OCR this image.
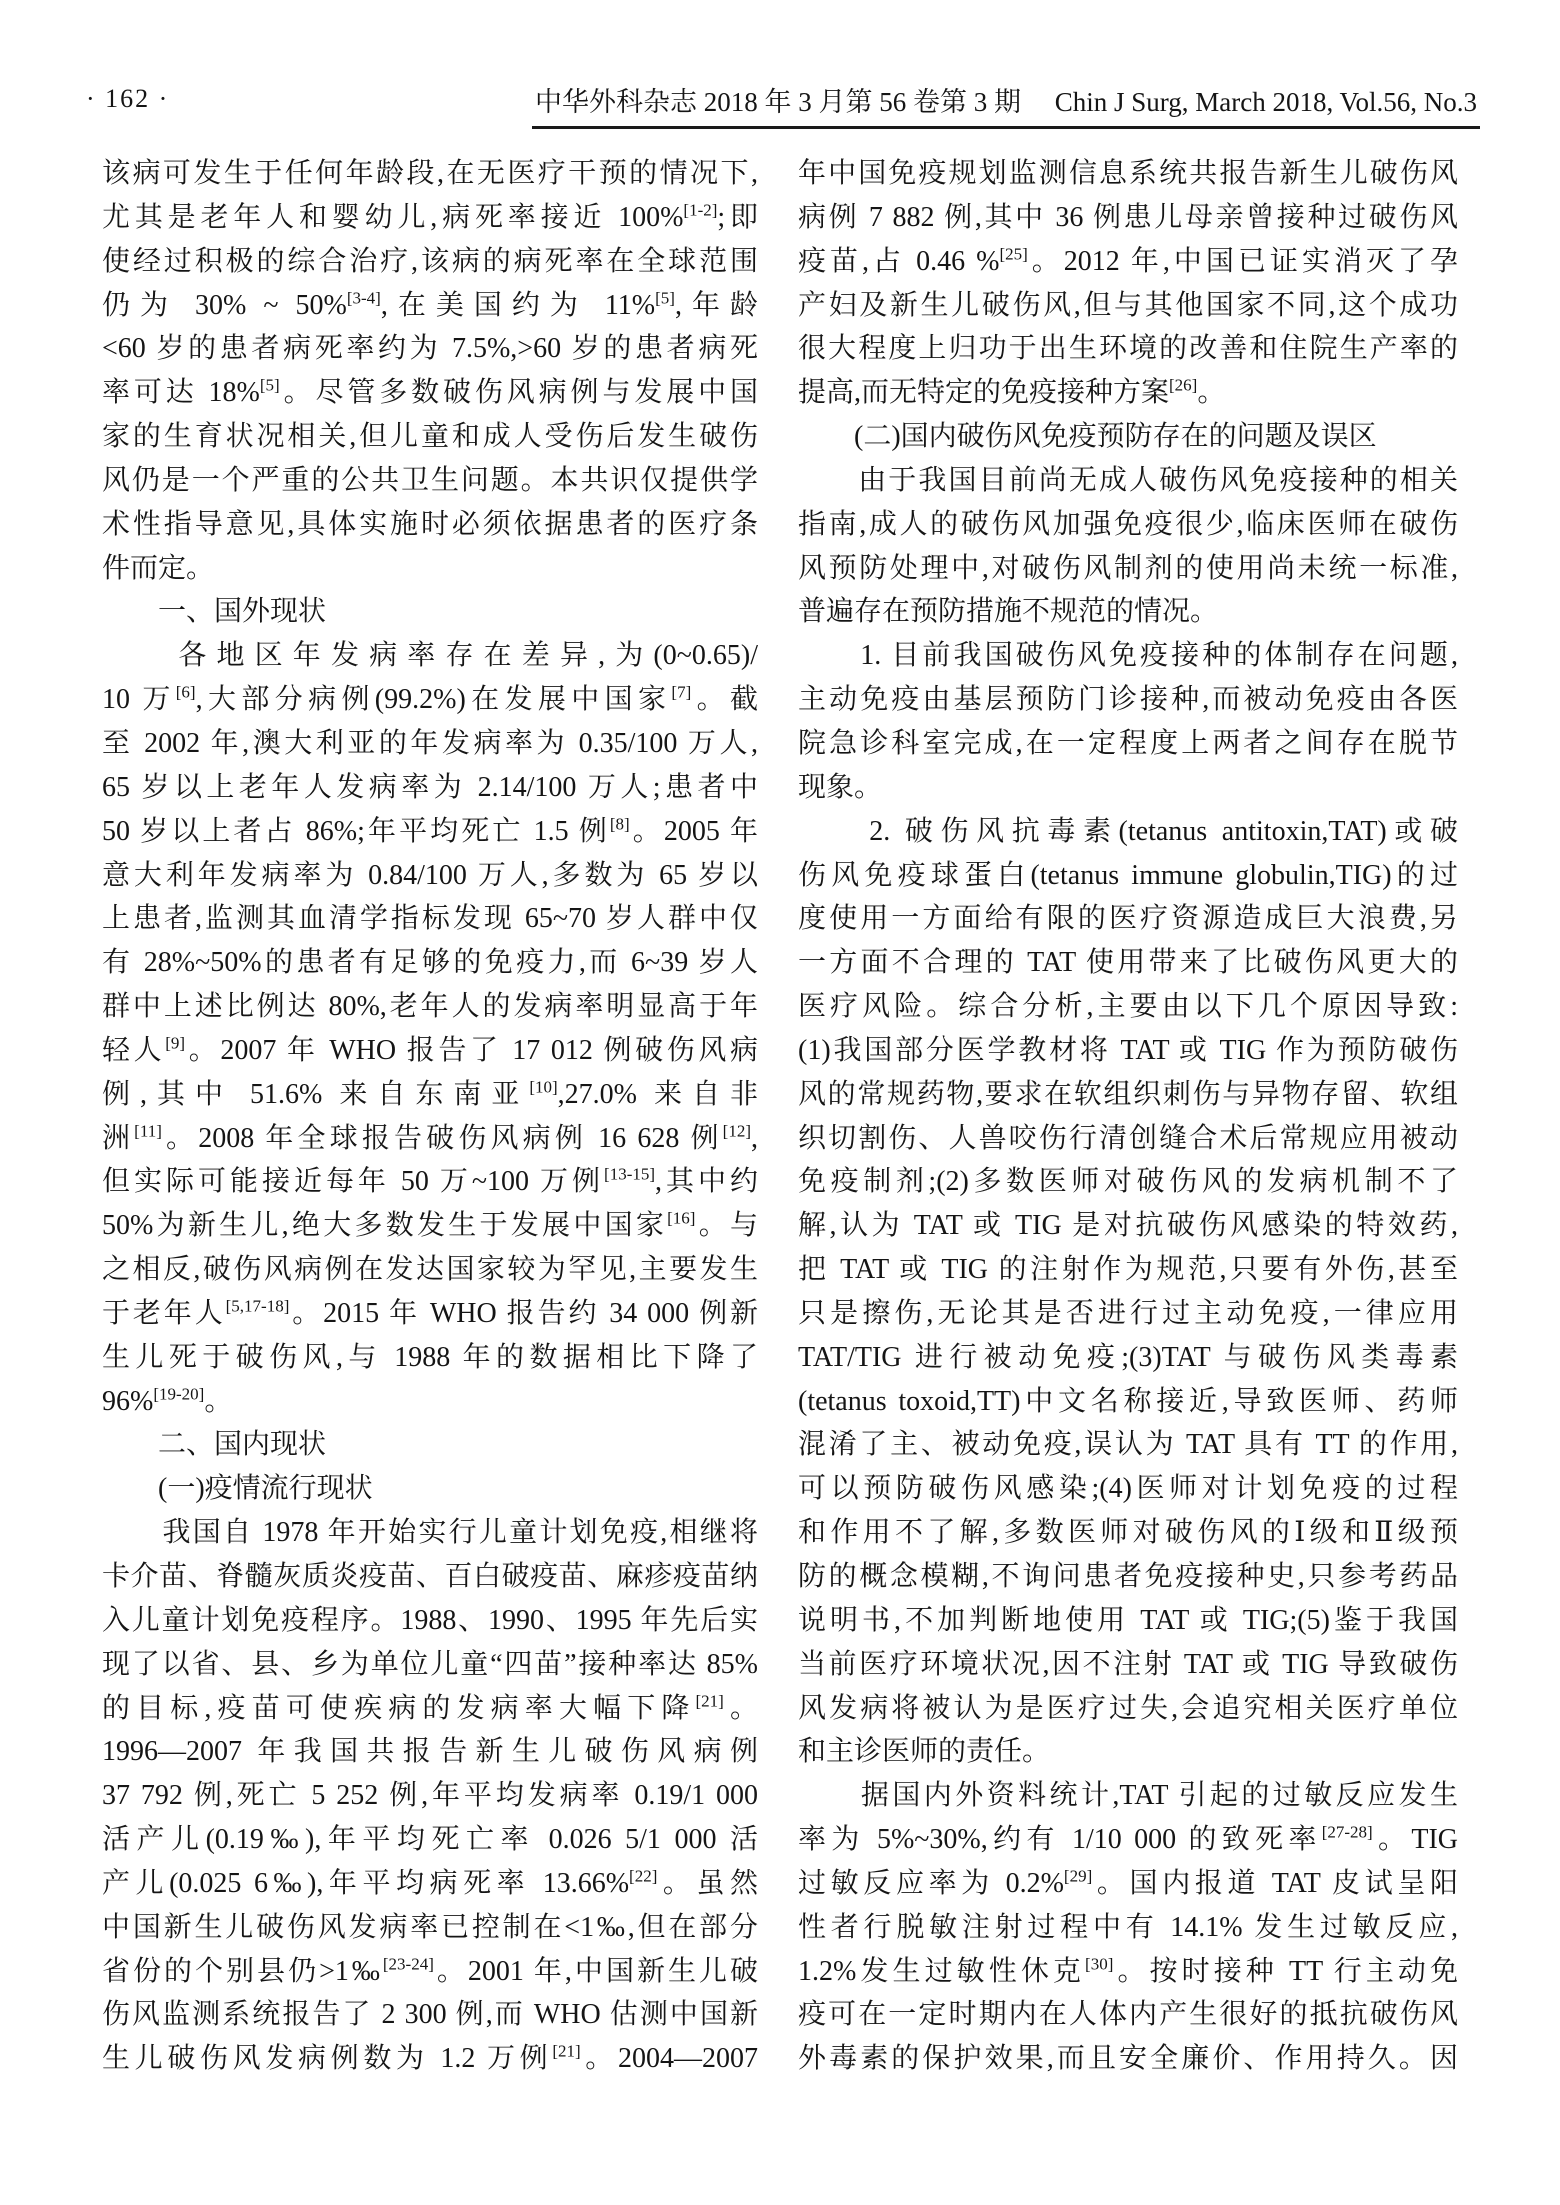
· 162 ·	中华外科杂志 2018 年 3 月第 56 卷第 3 期　 Chin J Surg, March 2018, Vol.56, No.3
该病可发生于任何年龄段,在无医疗干预的情况下,
尤其是老年人和婴幼儿,病死率接近 100%[1-2];即
使经过积极的综合治疗,该病的病死率在全球范围
仍为 30% ~ 50%[3-4],在美国约为 11%[5],年龄
<60 岁的患者病死率约为 7.5%,>60 岁的患者病死
率可达 18%[5]。尽管多数破伤风病例与发展中国
家的生育状况相关,但儿童和成人受伤后发生破伤
风仍是一个严重的公共卫生问题。本共识仅提供学
术性指导意见,具体实施时必须依据患者的医疗条
件而定。
　　一、国外现状
　　各地区年发病率存在差异,为(0~0.65)/
10 万[6],大部分病例(99.2%)在发展中国家[7]。截
至 2002 年,澳大利亚的年发病率为 0.35/100 万人,
65 岁以上老年人发病率为 2.14/100 万人;患者中
50 岁以上者占 86%;年平均死亡 1.5 例[8]。2005 年
意大利年发病率为 0.84/100 万人,多数为 65 岁以
上患者,监测其血清学指标发现 65~70 岁人群中仅
有 28%~50%的患者有足够的免疫力,而 6~39 岁人
群中上述比例达 80%,老年人的发病率明显高于年
轻人[9]。2007 年 WHO 报告了 17 012 例破伤风病
例,其中 51.6% 来自东南亚[10],27.0% 来自非
洲[11]。2008 年全球报告破伤风病例 16 628 例[12],
但实际可能接近每年 50 万~100 万例[13-15],其中约
50%为新生儿,绝大多数发生于发展中国家[16]。与
之相反,破伤风病例在发达国家较为罕见,主要发生
于老年人[5,17-18]。2015 年 WHO 报告约 34 000 例新
生儿死于破伤风,与 1988 年的数据相比下降了
96%[19-20]。
　　二、国内现状
　　(一)疫情流行现状
　　我国自 1978 年开始实行儿童计划免疫,相继将
卡介苗、脊髓灰质炎疫苗、百白破疫苗、麻疹疫苗纳
入儿童计划免疫程序。1988、1990、1995 年先后实
现了以省、县、乡为单位儿童“四苗”接种率达 85%
的目标,疫苗可使疾病的发病率大幅下降[21]。
1996—2007 年我国共报告新生儿破伤风病例
37 792 例,死亡 5 252 例,年平均发病率 0.19/1 000
活产儿(0.19‰),年平均死亡率 0.026 5/1 000 活
产儿(0.025 6‰),年平均病死率 13.66%[22]。虽然
中国新生儿破伤风发病率已控制在<1‰,但在部分
省份的个别县仍>1‰[23-24]。2001 年,中国新生儿破
伤风监测系统报告了 2 300 例,而 WHO 估测中国新
生儿破伤风发病例数为 1.2 万例[21]。2004—2007
年中国免疫规划监测信息系统共报告新生儿破伤风
病例 7 882 例,其中 36 例患儿母亲曾接种过破伤风
疫苗,占 0.46 %[25]。2012 年,中国已证实消灭了孕
产妇及新生儿破伤风,但与其他国家不同,这个成功
很大程度上归功于出生环境的改善和住院生产率的
提高,而无特定的免疫接种方案[26]。
　　(二)国内破伤风免疫预防存在的问题及误区
　　由于我国目前尚无成人破伤风免疫接种的相关
指南,成人的破伤风加强免疫很少,临床医师在破伤
风预防处理中,对破伤风制剂的使用尚未统一标准,
普遍存在预防措施不规范的情况。
　　1. 目前我国破伤风免疫接种的体制存在问题,
主动免疫由基层预防门诊接种,而被动免疫由各医
院急诊科室完成,在一定程度上两者之间存在脱节
现象。
　　2. 破伤风抗毒素(tetanus antitoxin,TAT)或破
伤风免疫球蛋白(tetanus immune globulin,TIG)的过
度使用一方面给有限的医疗资源造成巨大浪费,另
一方面不合理的 TAT 使用带来了比破伤风更大的
医疗风险。综合分析,主要由以下几个原因导致:
(1)我国部分医学教材将 TAT 或 TIG 作为预防破伤
风的常规药物,要求在软组织刺伤与异物存留、软组
织切割伤、人兽咬伤行清创缝合术后常规应用被动
免疫制剂;(2)多数医师对破伤风的发病机制不了
解,认为 TAT 或 TIG 是对抗破伤风感染的特效药,
把 TAT 或 TIG 的注射作为规范,只要有外伤,甚至
只是擦伤,无论其是否进行过主动免疫,一律应用
TAT/TIG 进行被动免疫;(3)TAT 与破伤风类毒素
(tetanus toxoid,TT)中文名称接近,导致医师、药师
混淆了主、被动免疫,误认为 TAT 具有 TT 的作用,
可以预防破伤风感染;(4)医师对计划免疫的过程
和作用不了解,多数医师对破伤风的Ⅰ级和Ⅱ级预
防的概念模糊,不询问患者免疫接种史,只参考药品
说明书,不加判断地使用 TAT 或 TIG;(5)鉴于我国
当前医疗环境状况,因不注射 TAT 或 TIG 导致破伤
风发病将被认为是医疗过失,会追究相关医疗单位
和主诊医师的责任。
　　据国内外资料统计,TAT 引起的过敏反应发生
率为 5%~30%,约有 1/10 000 的致死率[27-28]。TIG
过敏反应率为 0.2%[29]。国内报道 TAT 皮试呈阳
性者行脱敏注射过程中有 14.1% 发生过敏反应,
1.2%发生过敏性休克[30]。按时接种 TT 行主动免
疫可在一定时期内在人体内产生很好的抵抗破伤风
外毒素的保护效果,而且安全廉价、作用持久。因
